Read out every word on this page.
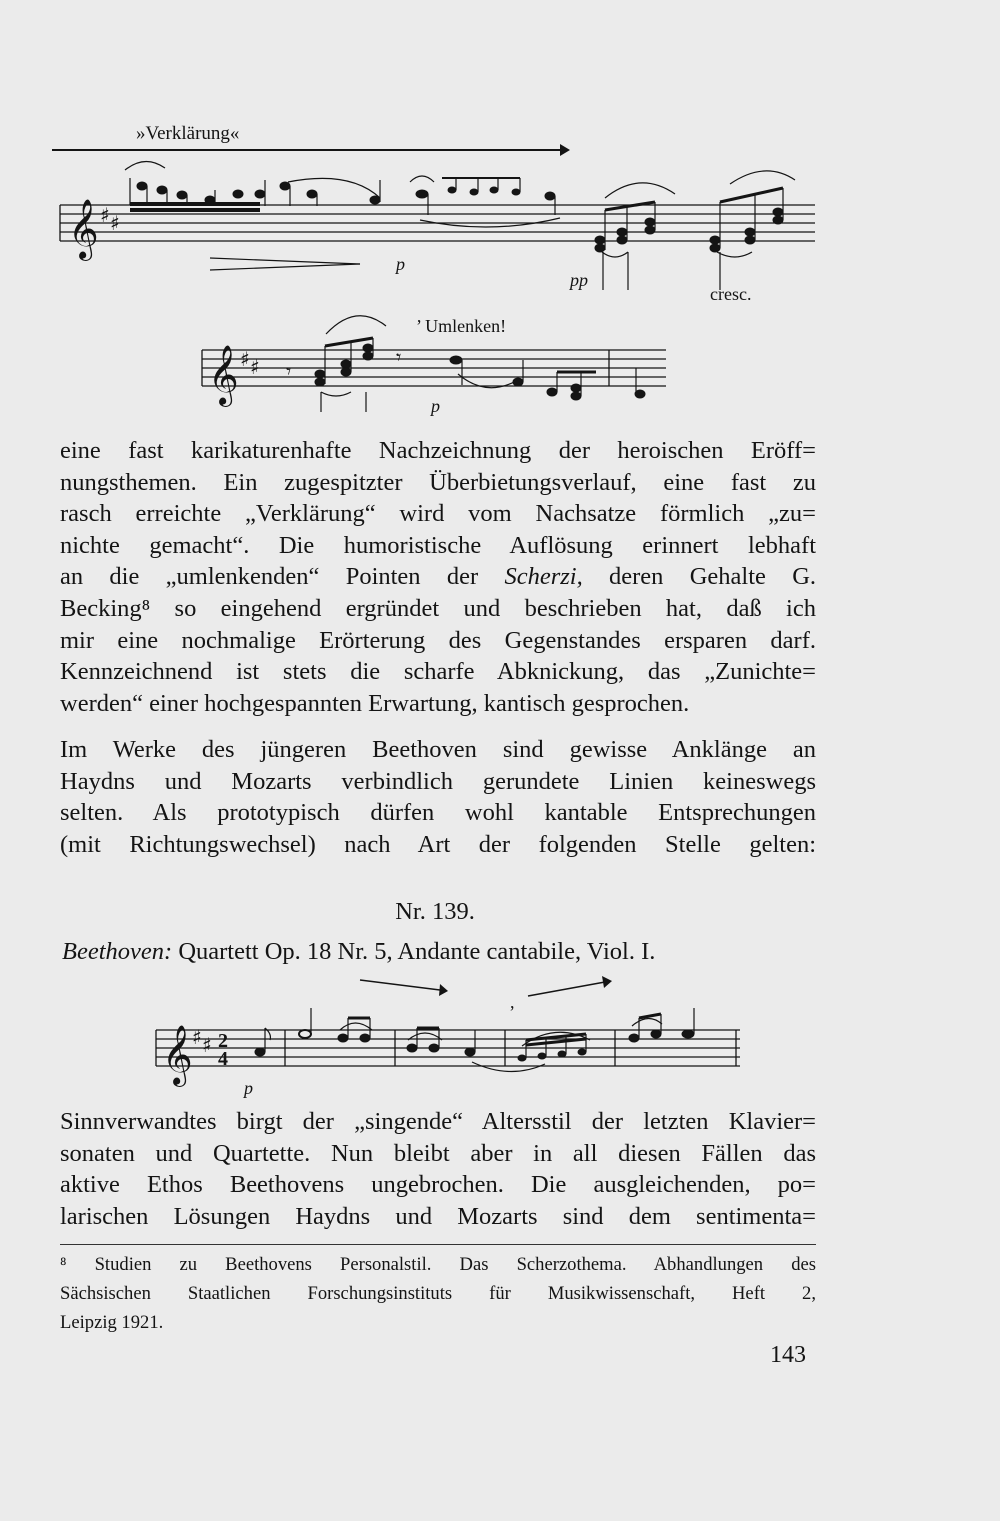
»Verklärung«
𝄞 ♯ ♯
p
pp
cresc.
𝄞 ♯ ♯ 𝄾
𝄾
p
’ Umlenken!

eine fast karikaturenhafte Nachzeichnung der heroischen Eröff=
nungsthemen. Ein zugespitzter Überbietungsverlauf, eine fast zu
rasch erreichte „Verklärung“ wird vom Nachsatze förmlich „zu=
nichte gemacht“. Die humoristische Auflösung erinnert lebhaft
an die „umlenkenden“ Pointen der Scherzi, deren Gehalte G.
Becking⁸ so eingehend ergründet und beschrieben hat, daß ich
mir eine nochmalige Erörterung des Gegenstandes ersparen darf.
Kennzeichnend ist stets die scharfe Abknickung, das „Zunichte=
werden“ einer hochgespannten Erwartung, kantisch gesprochen.

Im Werke des jüngeren Beethoven sind gewisse Anklänge an
Haydns und Mozarts verbindlich gerundete Linien keineswegs
selten. Als prototypisch dürfen wohl kantable Entsprechungen
(mit Richtungswechsel) nach Art der folgenden Stelle gelten:

Nr. 139.
Beethoven: Quartett Op. 18 Nr. 5, Andante cantabile, Viol. I.
,
𝄞 ♯ ♯ 2
4
p

Sinnverwandtes birgt der „singende“ Altersstil der letzten Klavier=
sonaten und Quartette. Nun bleibt aber in all diesen Fällen das
aktive Ethos Beethovens ungebrochen. Die ausgleichenden, po=
larischen Lösungen Haydns und Mozarts sind dem sentimenta=

⁸ Studien zu Beethovens Personalstil. Das Scherzothema. Abhandlungen des
Sächsischen Staatlichen Forschungsinstituts für Musikwissenschaft, Heft 2,
Leipzig 1921.

143
